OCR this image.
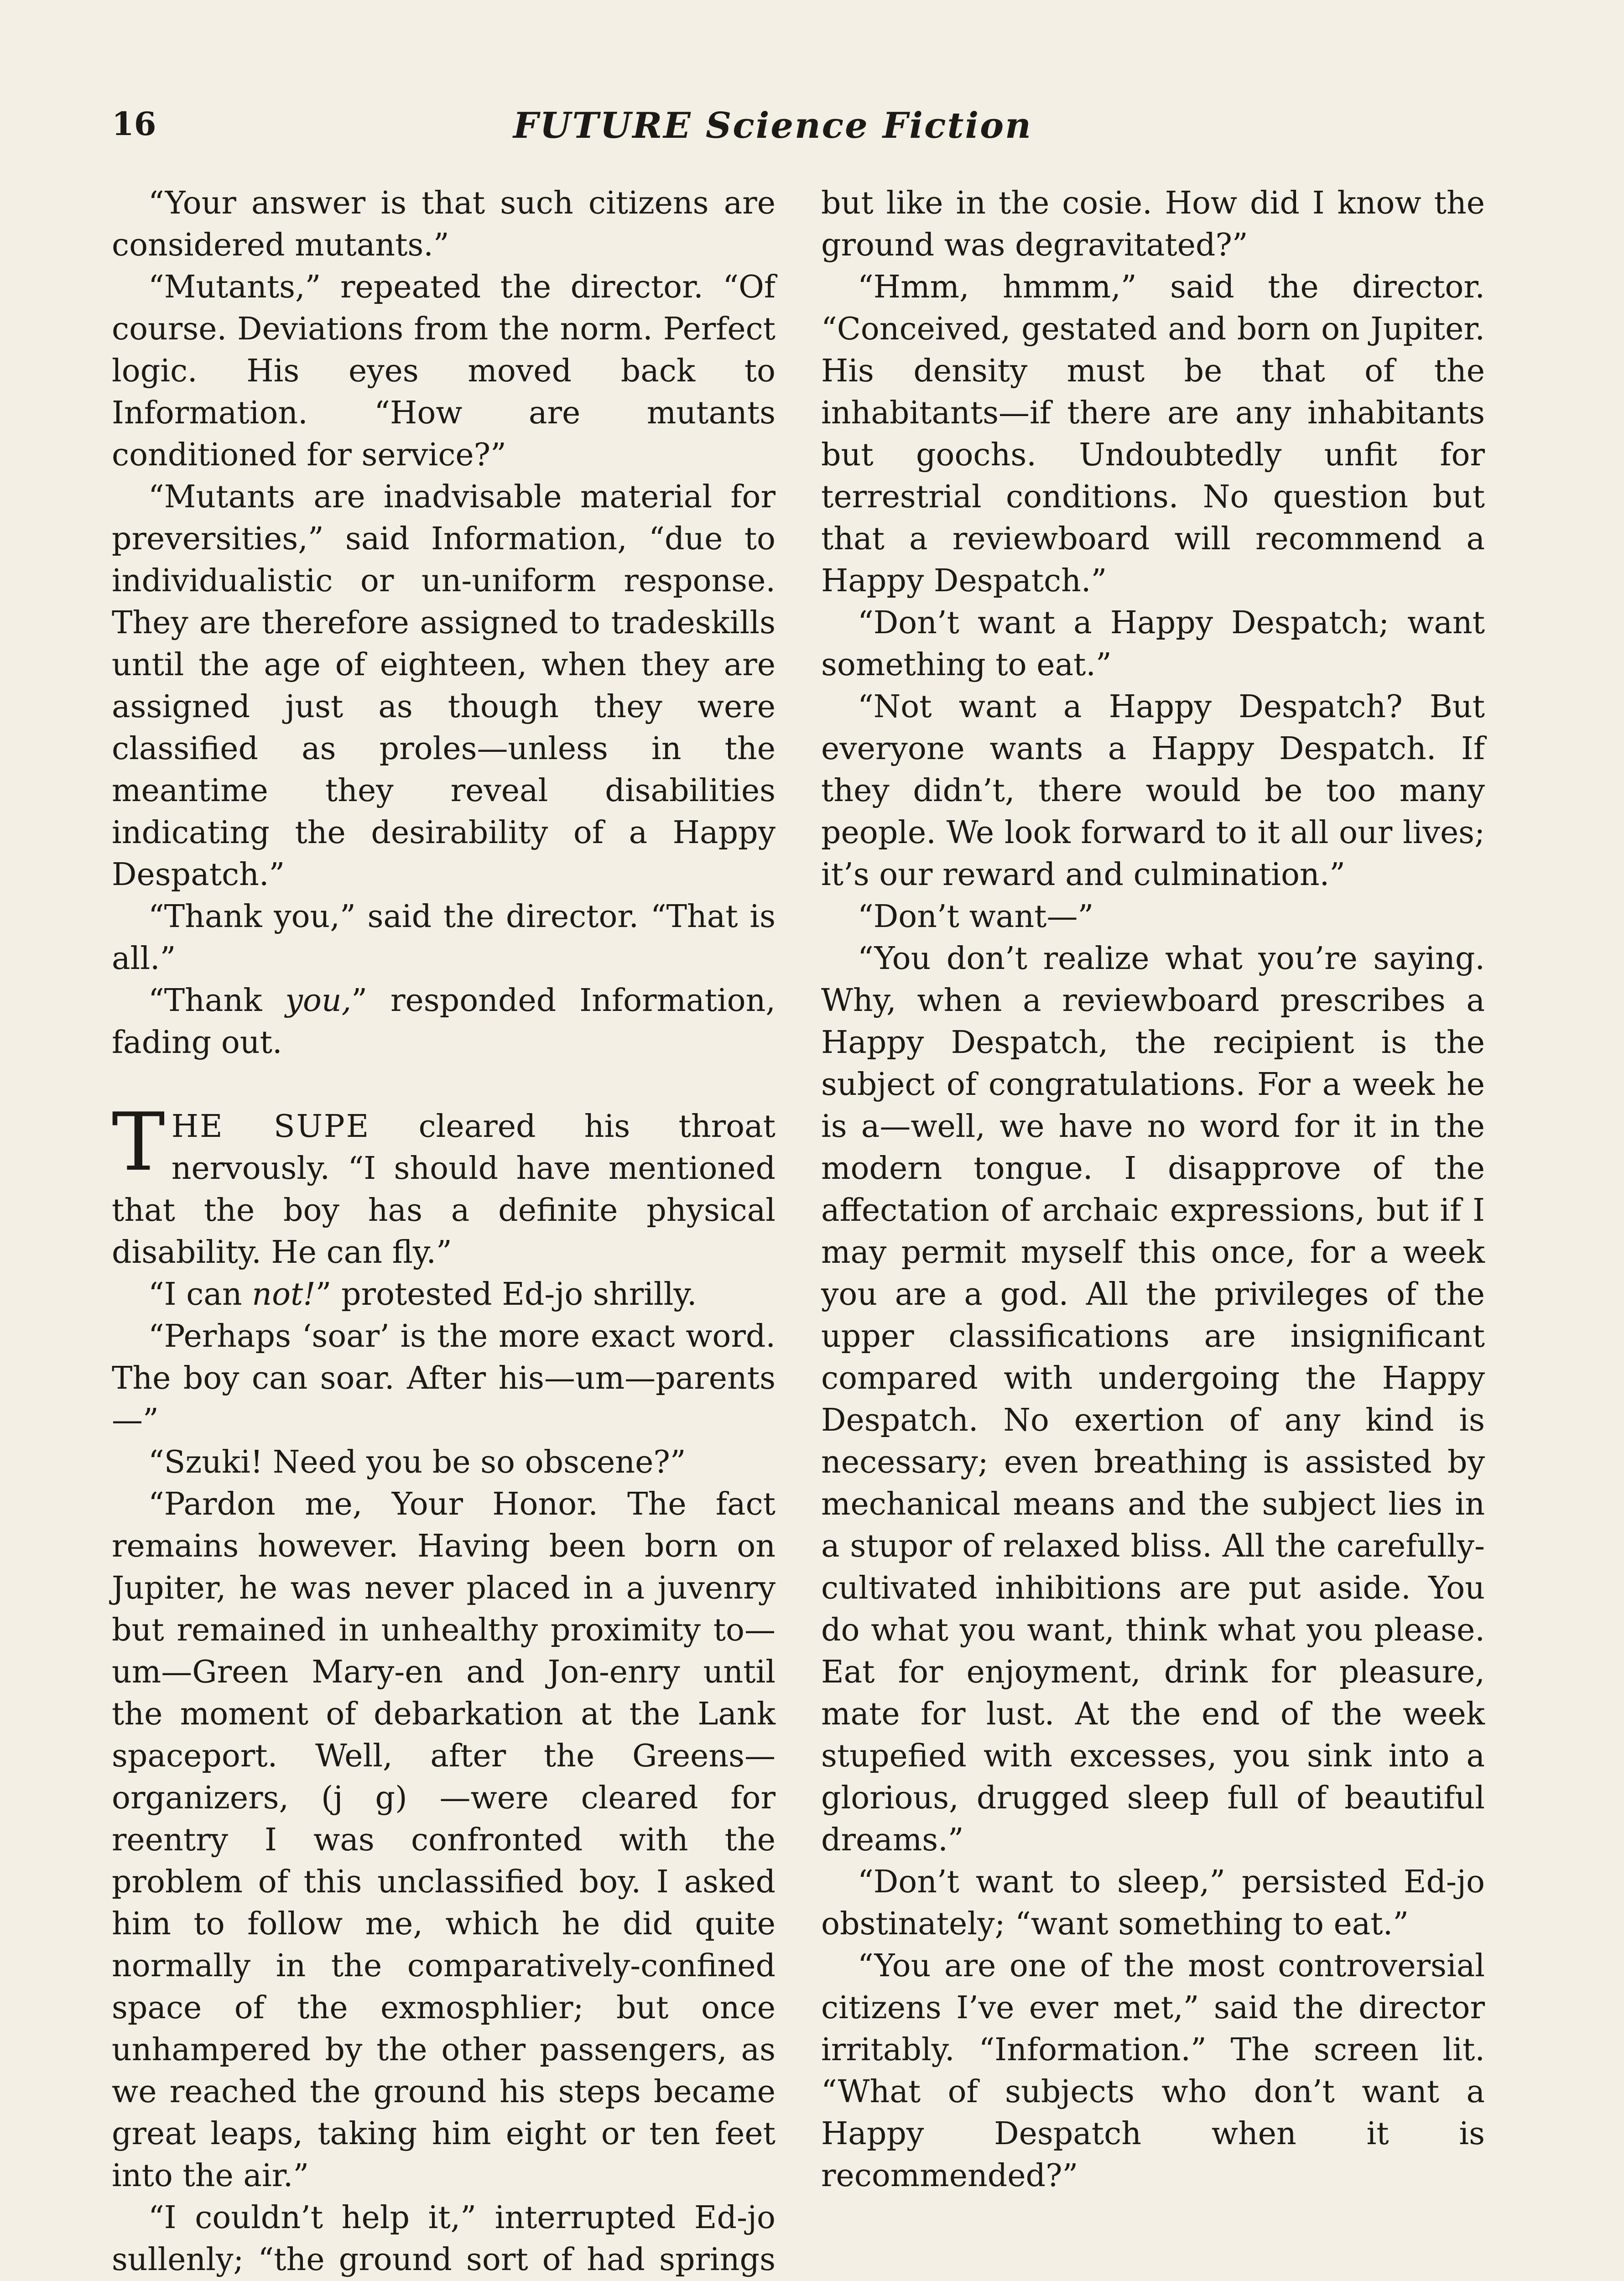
16	FUTURE Science Fiction

“Your answer is that such citizens are considered mutants.”

“Mutants,” repeated the director. “Of course. Deviations from the norm. Perfect logic. His eyes moved back to Information. “How are mutants conditioned for service?”

“Mutants are inadvisable material for preversities,” said Information, “due to individualistic or un-uniform response. They are therefore assigned to tradeskills until the age of eighteen, when they are assigned just as though they were classified as proles—unless in the meantime they reveal disabilities indicating the desirability of a Happy Despatch.”

“Thank you,” said the director. “That is all.”

“Thank you,” responded Information, fading out.

THE SUPE cleared his throat nervously. “I should have mentioned that the boy has a definite physical disability. He can fly.”

“I can not!” protested Ed-jo shrilly.

“Perhaps ‘soar’ is the more exact word. The boy can soar. After his—um—parents—”

“Szuki! Need you be so obscene?”

“Pardon me, Your Honor. The fact remains however. Having been born on Jupiter, he was never placed in a juvenry but remained in unhealthy proximity to—um—Green Mary-en and Jon-enry until the moment of debarkation at the Lank spaceport. Well, after the Greens—organizers, (j g) —were cleared for reentry I was confronted with the problem of this unclassified boy. I asked him to follow me, which he did quite normally in the comparatively-confined space of the exmosphlier; but once unhampered by the other passengers, as we reached the ground his steps became great leaps, taking him eight or ten feet into the air.”

“I couldn’t help it,” interrupted Ed-jo sullenly; “the ground sort of had springs

but like in the cosie. How did I know the ground was degravitated?”

“Hmm, hmmm,” said the director. “Conceived, gestated and born on Jupiter. His density must be that of the inhabitants—if there are any inhabitants but goochs. Undoubtedly unfit for terrestrial conditions. No question but that a reviewboard will recommend a Happy Despatch.”

“Don’t want a Happy Despatch; want something to eat.”

“Not want a Happy Despatch? But everyone wants a Happy Despatch. If they didn’t, there would be too many people. We look forward to it all our lives; it’s our reward and culmination.”

“Don’t want—”

“You don’t realize what you’re saying. Why, when a reviewboard prescribes a Happy Despatch, the recipient is the subject of congratulations. For a week he is a—well, we have no word for it in the modern tongue. I disapprove of the affectation of archaic expressions, but if I may permit myself this once, for a week you are a god. All the privileges of the upper classifications are insignificant compared with undergoing the Happy Despatch. No exertion of any kind is necessary; even breathing is assisted by mechanical means and the subject lies in a stupor of relaxed bliss. All the carefully-cultivated inhibitions are put aside. You do what you want, think what you please. Eat for enjoyment, drink for pleasure, mate for lust. At the end of the week stupefied with excesses, you sink into a glorious, drugged sleep full of beautiful dreams.”

“Don’t want to sleep,” persisted Ed-jo obstinately; “want something to eat.”

“You are one of the most controversial citizens I’ve ever met,” said the director irritably. “Information.” The screen lit. “What of subjects who don’t want a Happy Despatch when it is recommended?”
